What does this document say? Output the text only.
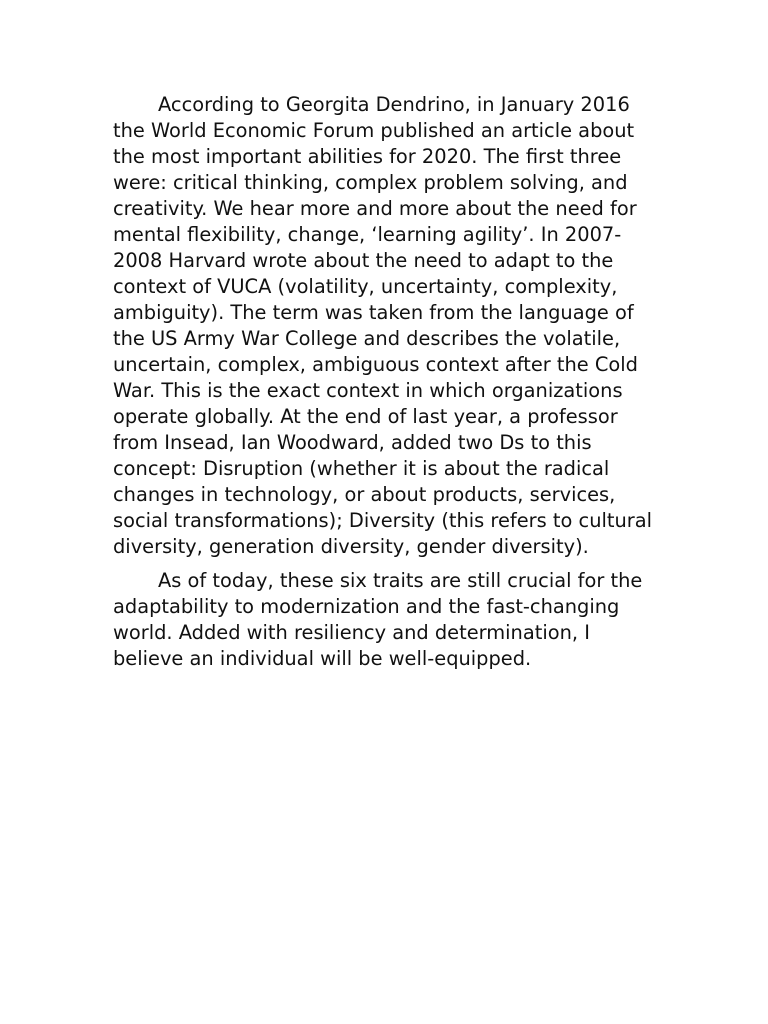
According to Georgita Dendrino, in January 2016 the World Economic Forum published an article about the most important abilities for 2020. The first three were: critical thinking, complex problem solving, and creativity. We hear more and more about the need for mental flexibility, change, ‘learning agility’. In 2007-2008 Harvard wrote about the need to adapt to the context of VUCA (volatility, uncertainty, complexity, ambiguity). The term was taken from the language of the US Army War College and describes the volatile, uncertain, complex, ambiguous context after the Cold War. This is the exact context in which organizations operate globally. At the end of last year, a professor from Insead, Ian Woodward, added two Ds to this concept: Disruption (whether it is about the radical changes in technology, or about products, services, social transformations); Diversity (this refers to cultural diversity, generation diversity, gender diversity).

As of today, these six traits are still crucial for the adaptability to modernization and the fast-changing world. Added with resiliency and determination, I believe an individual will be well-equipped.
